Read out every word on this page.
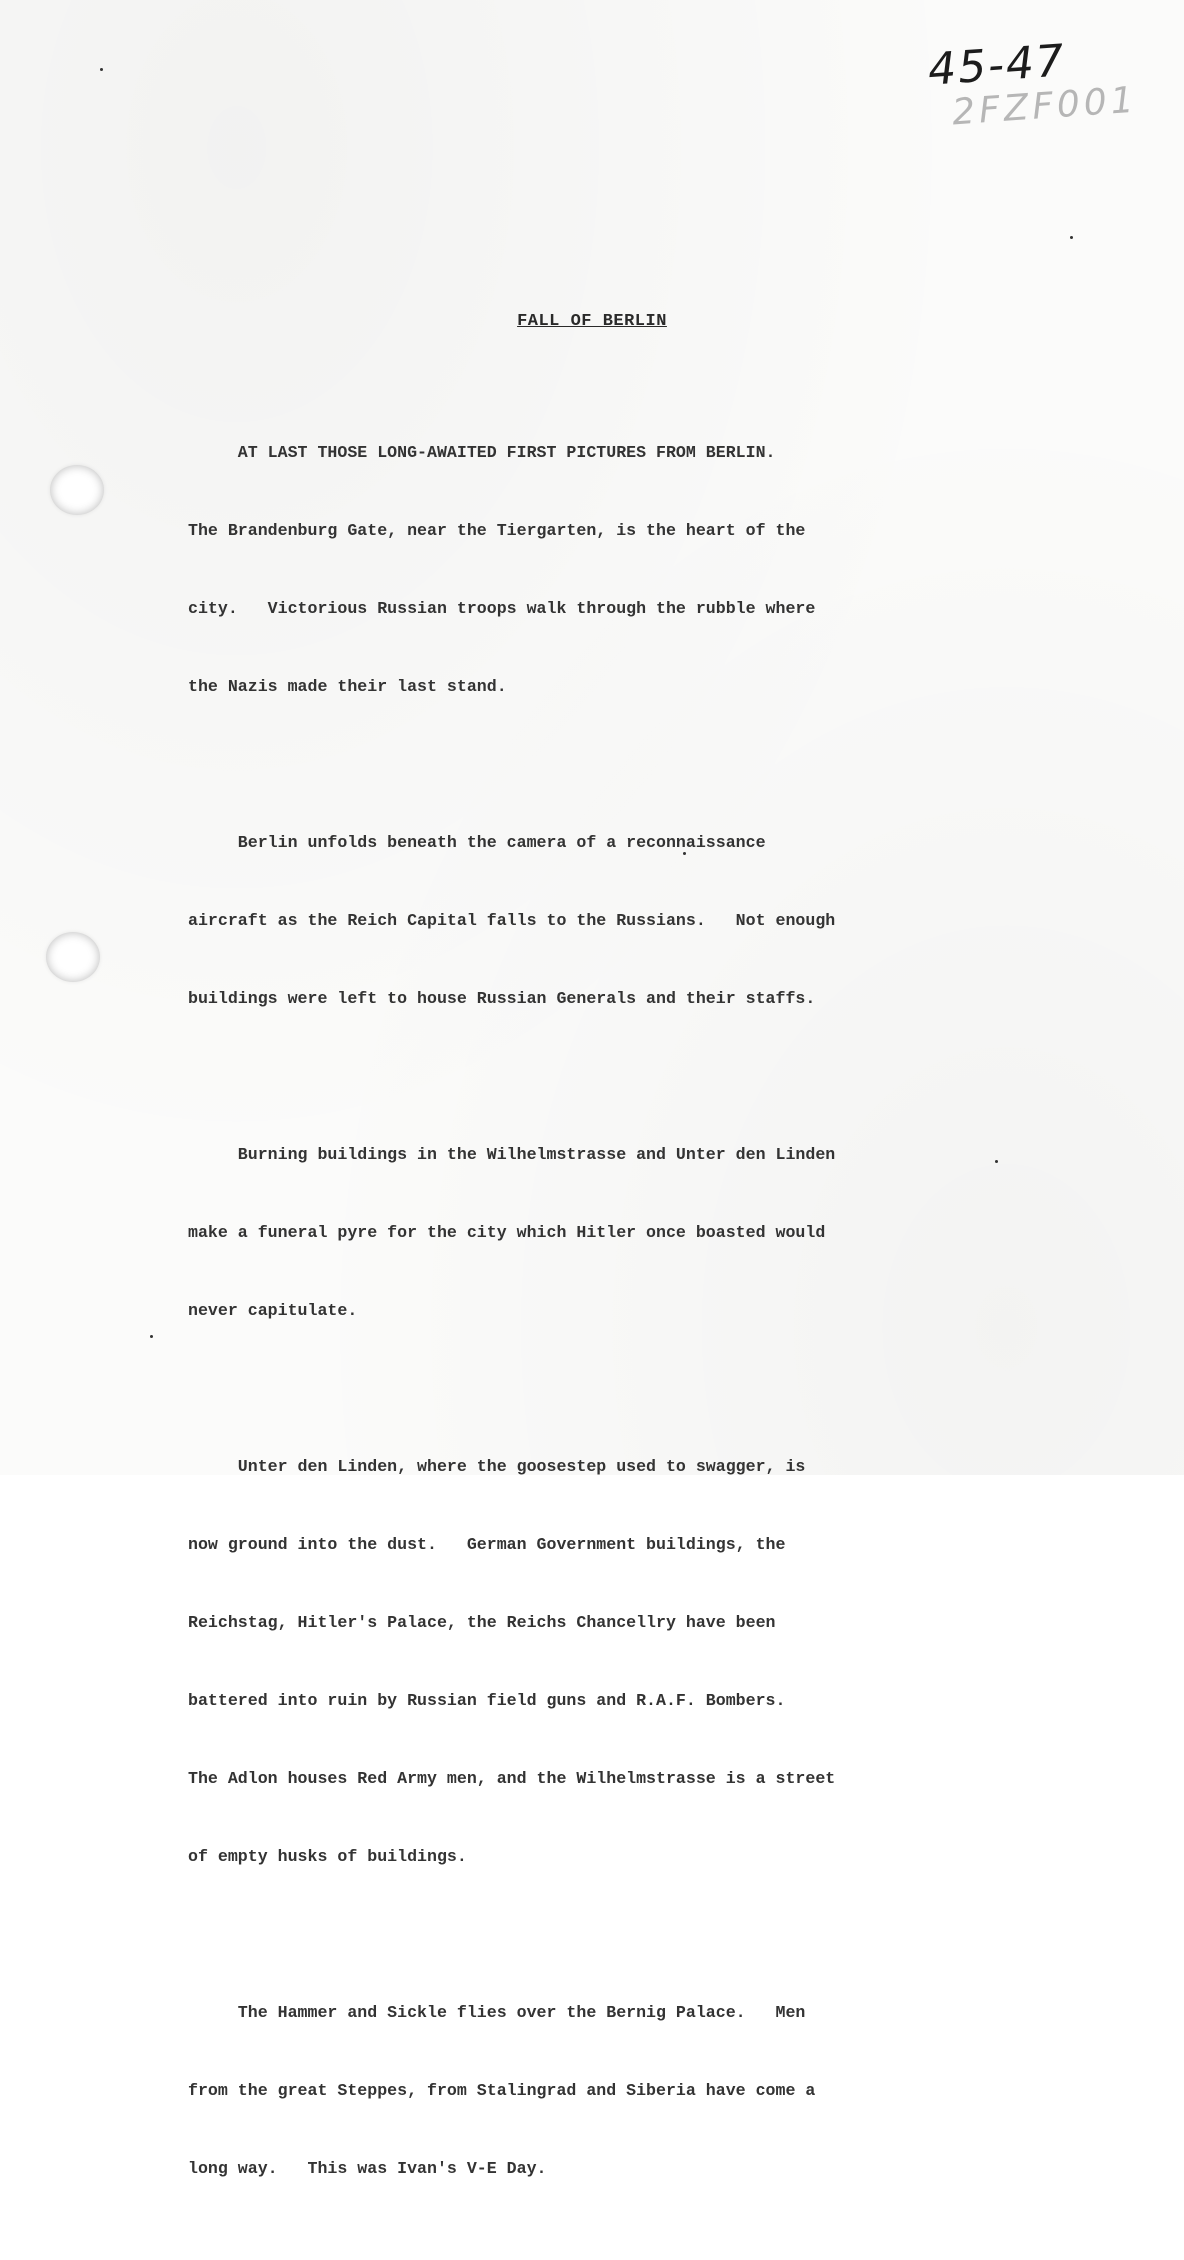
45-47
2FZF001
FALL OF BERLIN

AT LAST THOSE LONG-AWAITED FIRST PICTURES FROM BERLIN.

The Brandenburg Gate, near the Tiergarten, is the heart of the

city.   Victorious Russian troops walk through the rubble where

the Nazis made their last stand.

Berlin unfolds beneath the camera of a reconnaissance

aircraft as the Reich Capital falls to the Russians.   Not enough

buildings were left to house Russian Generals and their staffs.

Burning buildings in the Wilhelmstrasse and Unter den Linden

make a funeral pyre for the city which Hitler once boasted would

never capitulate.

Unter den Linden, where the goosestep used to swagger, is

now ground into the dust.   German Government buildings, the

Reichstag, Hitler's Palace, the Reichs Chancellry have been

battered into ruin by Russian field guns and R.A.F. Bombers.

The Adlon houses Red Army men, and the Wilhelmstrasse is a street

of empty husks of buildings.

The Hammer and Sickle flies over the Bernig Palace.   Men

from the great Steppes, from Stalingrad and Siberia have come a

long way.   This was Ivan's V-E Day.
